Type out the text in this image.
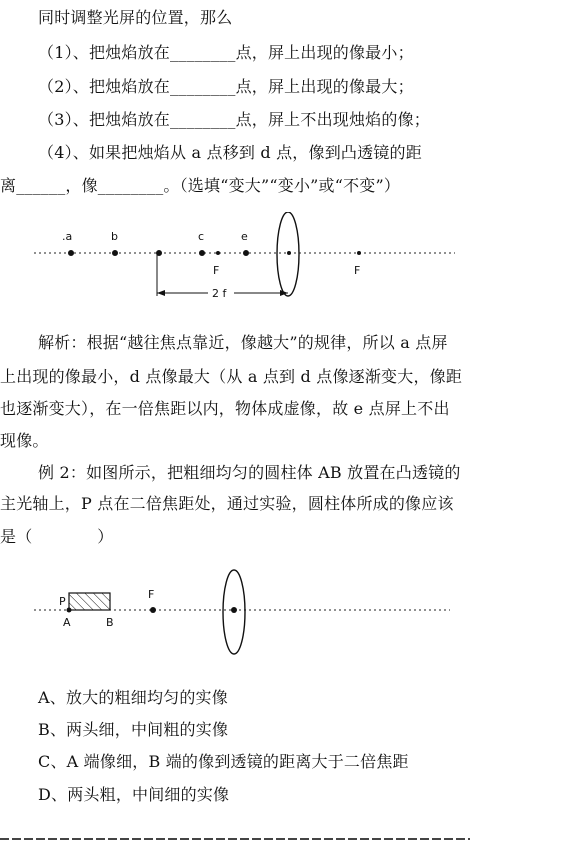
同时调整光屏的位置，那么
（1）、把烛焰放在________点，屏上出现的像最小；
（2）、把烛焰放在________点，屏上出现的像最大；
（3）、把烛焰放在________点，屏上不出现烛焰的像；
（4）、如果把烛焰从 a 点移到 d 点，像到凸透镜的距
离______，像________。（选填“变大”“变小”或“不变”）
.a	b	c	e
F	F
2 f
解析：根据“越往焦点靠近，像越大”的规律，所以 a 点屏
上出现的像最小，d 点像最大（从 a 点到 d 点像逐渐变大，像距
也逐渐变大），在一倍焦距以内，物体成虚像，故 e 点屏上不出
现像。
例 2：如图所示，把粗细均匀的圆柱体 AB 放置在凸透镜的
主光轴上，P 点在二倍焦距处，通过实验，圆柱体所成的像应该
是（　　　　）
P
A	B
F
A、放大的粗细均匀的实像
B、两头细，中间粗的实像
C、A 端像细，B 端的像到透镜的距离大于二倍焦距
D、两头粗，中间细的实像
